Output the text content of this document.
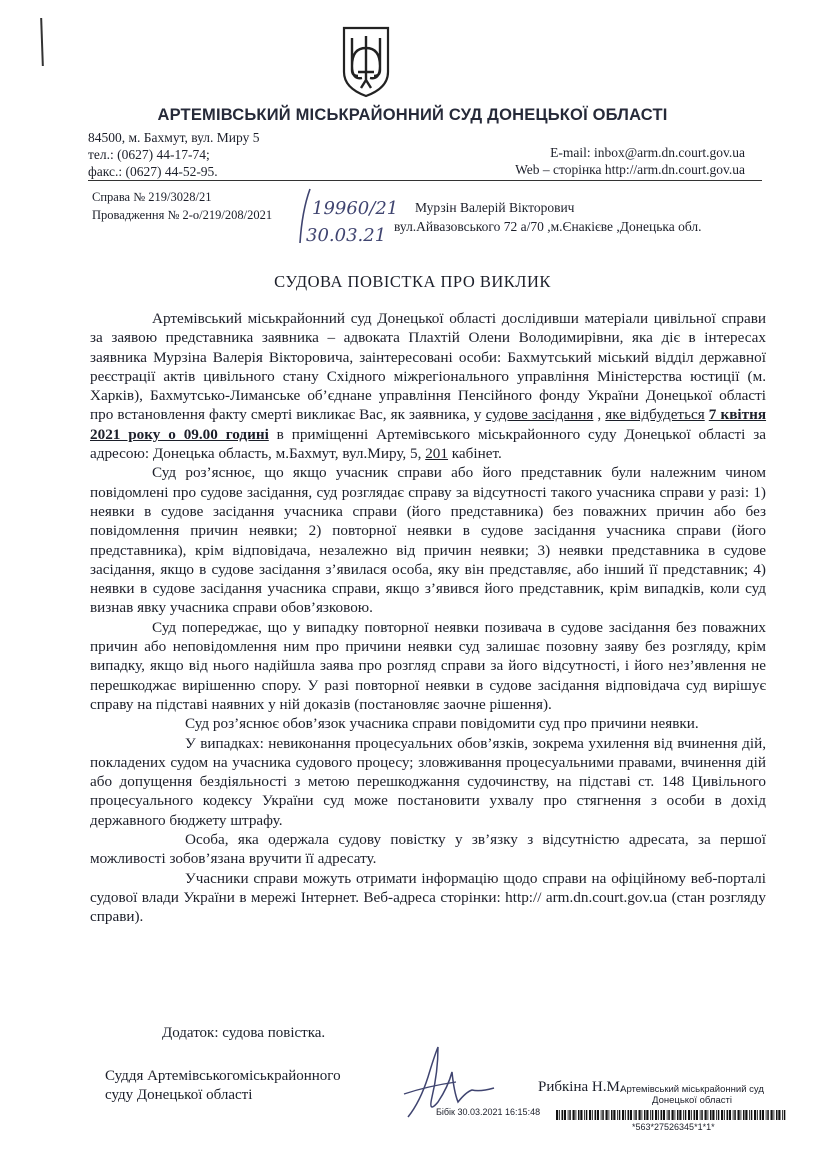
АРТЕМІВСЬКИЙ МІСЬКРАЙОННИЙ СУД ДОНЕЦЬКОЇ ОБЛАСТІ
84500, м. Бахмут, вул. Миру 5
тел.: (0627) 44-17-74;
факс.: (0627) 44-52-95.
E-mail: inbox@arm.dn.court.gov.ua
Web – сторінка http://arm.dn.court.gov.ua
Справа № 219/3028/21
Провадження № 2-о/219/208/2021 19960/21
30.03.21
Мурзін Валерій Вікторович
вул.Айвазовського 72 а/70 ,м.Єнакієве ,Донецька обл.
СУДОВА ПОВІСТКА ПРО ВИКЛИК

Артемівський міськрайонний суд Донецької області дослідивши матеріали цивільної справи за заявою представника заявника – адвоката Плахтій Олени Володимирівни, яка діє в інтересах заявника Мурзіна Валерія Вікторовича, заінтересовані особи: Бахмутський міський відділ державної реєстрації актів цивільного стану Східного міжрегіонального управління Міністерства юстиції (м. Харків), Бахмутсько-Лиманське об’єднане управління Пенсійного фонду України Донецької області про встановлення факту смерті викликає Вас, як заявника, у судове засідання , яке відбудеться 7 квітня 2021 року о 09.00 годині в приміщенні Артемівського міськрайонного суду Донецької області за адресою: Донецька область, м.Бахмут, вул.Миру, 5, 201 кабінет.

Суд роз’яснює, що якщо учасник справи або його представник були належним чином повідомлені про судове засідання, суд розглядає справу за відсутності такого учасника справи у разі: 1) неявки в судове засідання учасника справи (його представника) без поважних причин або без повідомлення причин неявки; 2) повторної неявки в судове засідання учасника справи (його представника), крім відповідача, незалежно від причин неявки; 3) неявки представника в судове засідання, якщо в судове засідання з’явилася особа, яку він представляє, або інший її представник; 4) неявки в судове засідання учасника справи, якщо з’явився його представник, крім випадків, коли суд визнав явку учасника справи обов’язковою.

Суд попереджає, що у випадку повторної неявки позивача в судове засідання без поважних причин або неповідомлення ним про причини неявки суд залишає позовну заяву без розгляду, крім випадку, якщо від нього надійшла заява про розгляд справи за його відсутності, і його нез’явлення не перешкоджає вирішенню спору. У разі повторної неявки в судове засідання відповідача суд вирішує справу на підставі наявних у ній доказів (постановляє заочне рішення).

Суд роз’яснює обов’язок учасника справи повідомити суд про причини неявки.

У випадках: невиконання процесуальних обов’язків, зокрема ухилення від вчинення дій, покладених судом на учасника судового процесу; зловживання процесуальними правами, вчинення дій або допущення бездіяльності з метою перешкоджання судочинству, на підставі ст. 148 Цивільного процесуального кодексу України суд може постановити ухвалу про стягнення з особи в дохід державного бюджету штрафу.

Особа, яка одержала судову повістку у зв’язку з відсутністю адресата, за першої можливості зобов’язана вручити її адресату.

Учасники справи можуть отримати інформацію щодо справи на офіційному веб-порталі судової влади України в мережі Інтернет. Веб-адреса сторінки: http:// arm.dn.court.gov.ua (стан розгляду справи).

Додаток: судова повістка.
Суддя Артемівськогоміськрайонного
суду Донецької області	Рибкіна Н.М.
Артемівський міськрайонний суд
Донецької області
Бібік 30.03.2021 16:15:48
*563*27526345*1*1*
